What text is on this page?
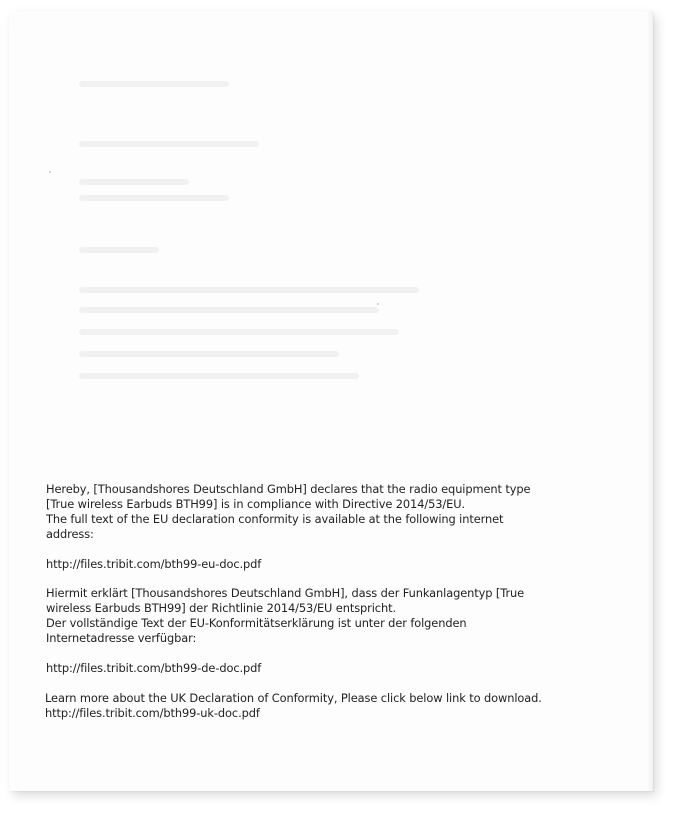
Hereby, [Thousandshores Deutschland GmbH] declares that the radio equipment type

[True wireless Earbuds BTH99] is in compliance with Directive 2014/53/EU.

The full text of the EU declaration conformity is available at the following internet

address:

http://files.tribit.com/bth99-eu-doc.pdf

Hiermit erklärt [Thousandshores Deutschland GmbH], dass der Funkanlagentyp [True

wireless Earbuds BTH99] der Richtlinie 2014/53/EU entspricht.

Der vollständige Text der EU-Konformitätserklärung ist unter der folgenden

Internetadresse verfügbar:

http://files.tribit.com/bth99-de-doc.pdf

Learn more about the UK Declaration of Conformity, Please click below link to download.

http://files.tribit.com/bth99-uk-doc.pdf
